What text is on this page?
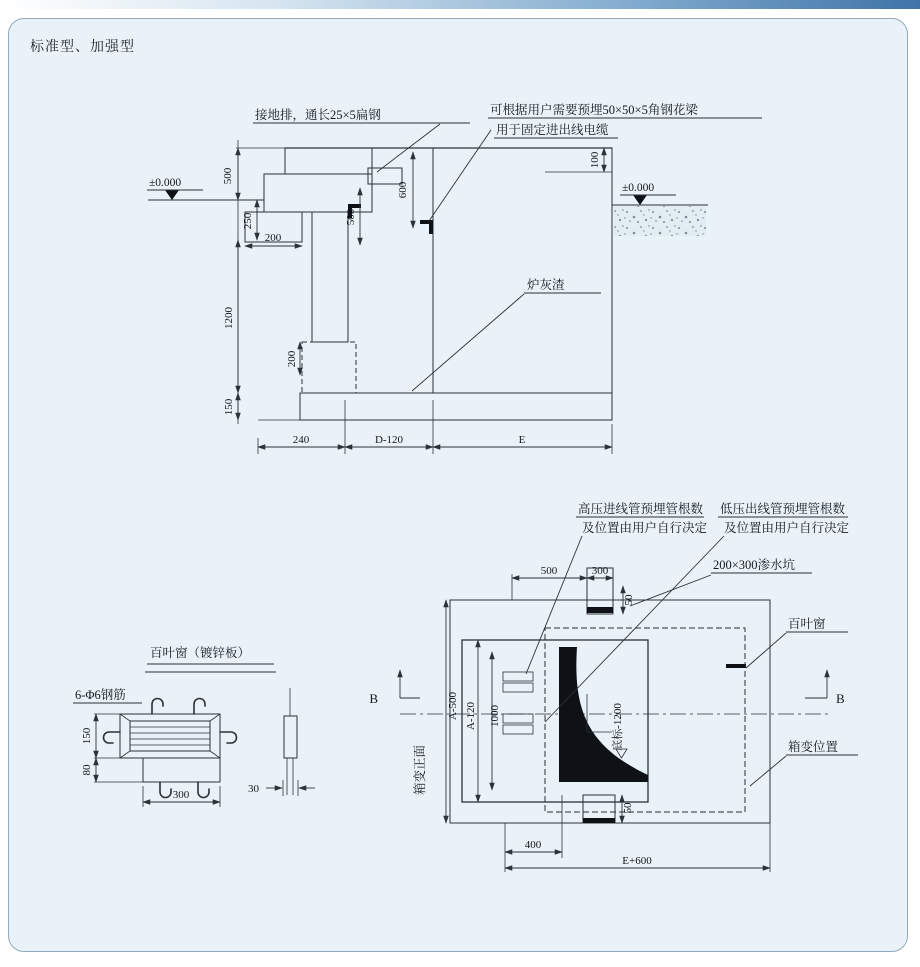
标准型、加强型
±0.000	±0.000
接地排，通长25×5扁钢	可根据用户需要预埋50×50×5角钢花梁
用于固定进出线电缆
炉灰渣
500
250
200
1200
150
200
600
500
100
240	D-120	E
底标-1200
B	B
高压进线管预埋管根数
及位置由用户自行决定
低压出线管预埋管根数
及位置由用户自行决定
200×300渗水坑
百叶窗
箱变位置
箱变正面
500	300
50
A-500 A-120 1000
50
400
E+600
百叶窗（镀锌板）
6-Φ6钢筋
150
80
300	30
